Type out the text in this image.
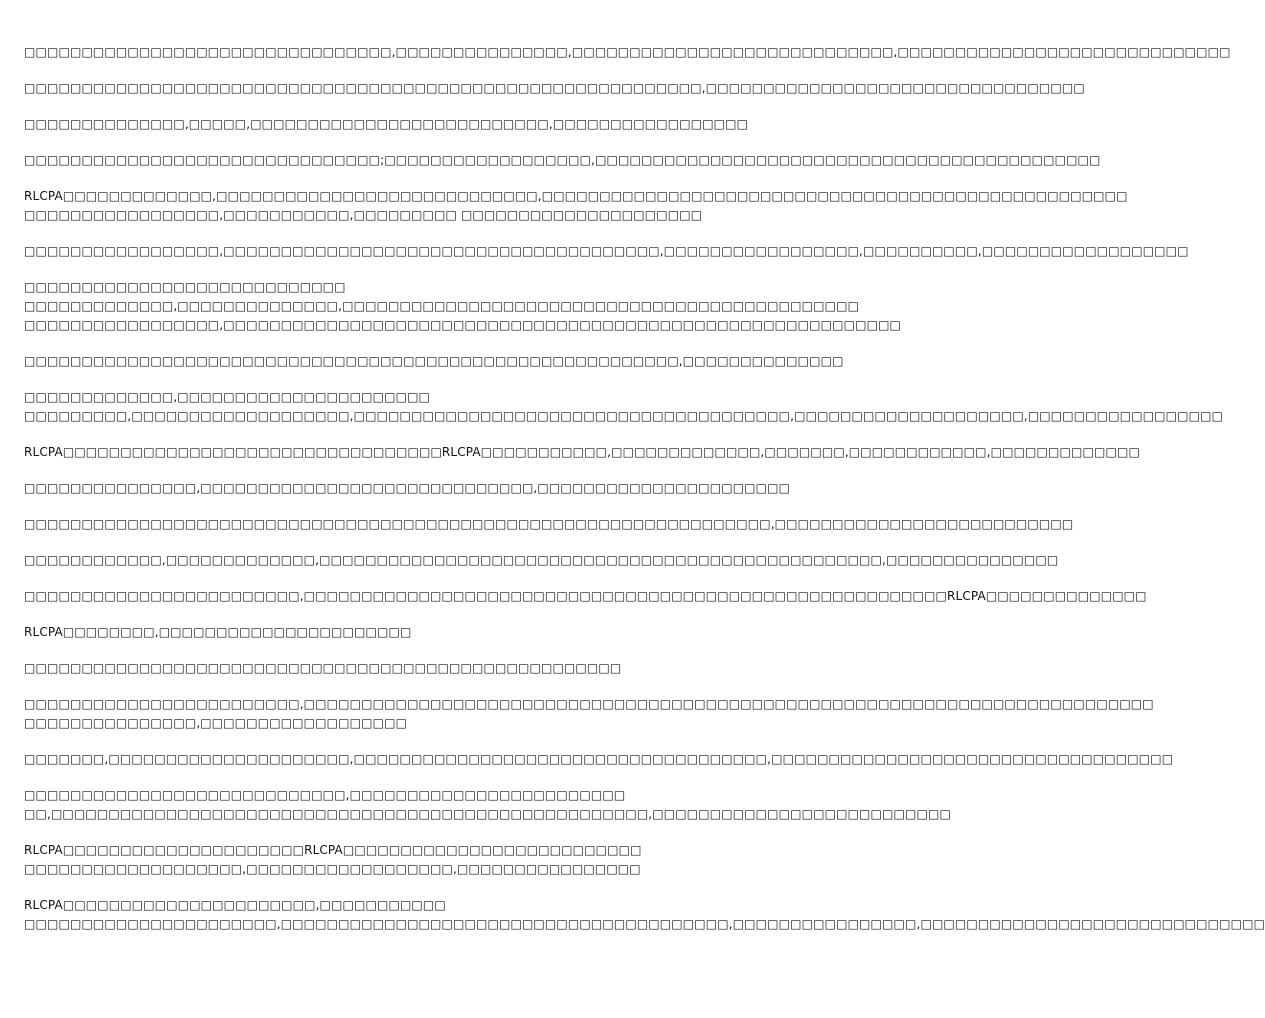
□□□□□□□□□□□□□□□□□□□□□□□□□□□□□□□□,□□□□□□□□□□□□□□□,□□□□□□□□□□□□□□□□□□□□□□□□□□□□,□□□□□□□□□□□□□□□□□□□□□□□□□□□□□
□□□□□□□□□□□□□□□□□□□□□□□□□□□□□□□□□□□□□□□□□□□□□□□□□□□□□□□□□□□,□□□□□□□□□□□□□□□□□□□□□□□□□□□□□□□□□
□□□□□□□□□□□□□□,□□□□□,□□□□□□□□□□□□□□□□□□□□□□□□□□,□□□□□□□□□□□□□□□□□
□□□□□□□□□□□□□□□□□□□□□□□□□□□□□□□;□□□□□□□□□□□□□□□□□□,□□□□□□□□□□□□□□□□□□□□□□□□□□□□□□□□□□□□□□□□□□□□
RLCPA□□□□□□□□□□□□□,□□□□□□□□□□□□□□□□□□□□□□□□□□□□,□□□□□□□□□□□□□□□□□□□□□□□□□□□□□□□□□□□□□□□□□□□□□□□□□□□
□□□□□□□□□□□□□□□□□,□□□□□□□□□□□,□□□□□□□□□ □□□□□□□□□□□□□□□□□□□□□
□□□□□□□□□□□□□□□□□,□□□□□□□□□□□□□□□□□□□□□□□□□□□□□□□□□□□□□□,□□□□□□□□□□□□□□□□□,□□□□□□□□□□,□□□□□□□□□□□□□□□□□□
□□□□□□□□□□□□□□□□□□□□□□□□□□□□
□□□□□□□□□□□□□,□□□□□□□□□□□□□□,□□□□□□□□□□□□□□□□□□□□□□□□□□□□□□□□□□□□□□□□□□□□□
□□□□□□□□□□□□□□□□□,□□□□□□□□□□□□□□□□□□□□□□□□□□□□□□□□□□□□□□□□□□□□□□□□□□□□□□□□□□□
□□□□□□□□□□□□□□□□□□□□□□□□□□□□□□□□□□□□□□□□□□□□□□□□□□□□□□□□□,□□□□□□□□□□□□□□
□□□□□□□□□□□□□,□□□□□□□□□□□□□□□□□□□□□□
□□□□□□□□□,□□□□□□□□□□□□□□□□□□□,□□□□□□□□□□□□□□□□□□□□□□□□□□□□□□□□□□□□□□,□□□□□□□□□□□□□□□□□□□□,□□□□□□□□□□□□□□□□□
RLCPA□□□□□□□□□□□□□□□□□□□□□□□□□□□□□□□□□RLCPA□□□□□□□□□□□,□□□□□□□□□□□□□,□□□□□□□,□□□□□□□□□□□□,□□□□□□□□□□□□□
□□□□□□□□□□□□□□□,□□□□□□□□□□□□□□□□□□□□□□□□□□□□□,□□□□□□□□□□□□□□□□□□□□□□
□□□□□□□□□□□□□□□□□□□□□□□□□□□□□□□□□□□□□□□□□□□□□□□□□□□□□□□□□□□□□□□□□,□□□□□□□□□□□□□□□□□□□□□□□□□□
□□□□□□□□□□□□,□□□□□□□□□□□□□,□□□□□□□□□□□□□□□□□□□□□□□□□□□□□□□□□□□□□□□□□□□□□□□□□,□□□□□□□□□□□□□□□
□□□□□□□□□□□□□□□□□□□□□□□□,□□□□□□□□□□□□□□□□□□□□□□□□□□□□□□□□□□□□□□□□□□□□□□□□□□□□□□□□RLCPA□□□□□□□□□□□□□□
RLCPA□□□□□□□□,□□□□□□□□□□□□□□□□□□□□□□
□□□□□□□□□□□□□□□□□□□□□□□□□□□□□□□□□□□□□□□□□□□□□□□□□□□□
□□□□□□□□□□□□□□□□□□□□□□□□,□□□□□□□□□□□□□□□□□□□□□□□□□□□□□□□□□□□□□□□□□□□□□□□□□□□□□□□□□□□□□□□□□□□□□□□□□□
□□□□□□□□□□□□□□□,□□□□□□□□□□□□□□□□□□
□□□□□□□,□□□□□□□□□□□□□□□□□□□□□,□□□□□□□□□□□□□□□□□□□□□□□□□□□□□□□□□□□□,□□□□□□□□□□□□□□□□□□□□□□□□□□□□□□□□□□□
□□□□□□□□□□□□□□□□□□□□□□□□□□□□,□□□□□□□□□□□□□□□□□□□□□□□□
□□,□□□□□□□□□□□□□□□□□□□□□□□□□□□□□□□□□□□□□□□□□□□□□□□□□□□□,□□□□□□□□□□□□□□□□□□□□□□□□□□
RLCPA□□□□□□□□□□□□□□□□□□□□□RLCPA□□□□□□□□□□□□□□□□□□□□□□□□□□
□□□□□□□□□□□□□□□□□□□,□□□□□□□□□□□□□□□□□□,□□□□□□□□□□□□□□□□
RLCPA□□□□□□□□□□□□□□□□□□□□□□,□□□□□□□□□□□
□□□□□□□□□□□□□□□□□□□□□□,□□□□□□□□□□□□□□□□□□□□□□□□□□□□□□□□□□□□□□□,□□□□□□□□□□□□□□□□,□□□□□□□□□□□□□□□□□□□□□□□□□□□□□□
